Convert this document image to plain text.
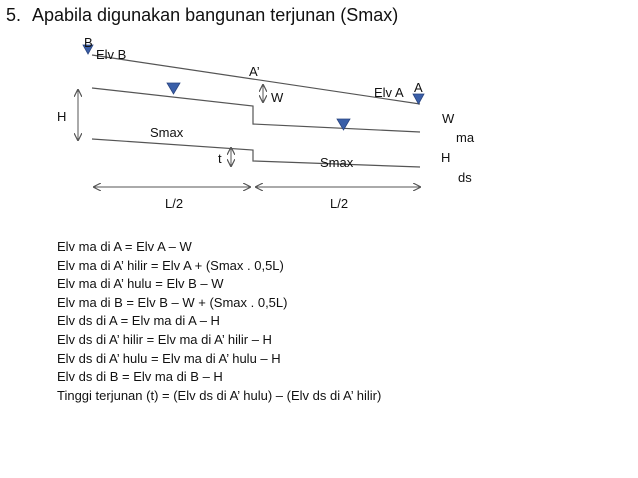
5. Apabila digunakan bangunan terjunan (Smax)
B
Elv B
A’
W	Elv A A
W
H
ma
Smax
t	Smax	H
ds
L/2	L/2
Elv ma di A = Elv A – W
Elv ma di A’ hilir = Elv A + (Smax . 0,5L)
Elv ma di A’ hulu = Elv B – W
Elv ma di B = Elv B – W + (Smax . 0,5L)
Elv ds di A = Elv ma di A – H
Elv ds di A’ hilir = Elv ma di A’ hilir – H
Elv ds di A’ hulu = Elv ma di A’ hulu – H
Elv ds di B = Elv ma di B – H
Tinggi terjunan (t) = (Elv ds di A’ hulu) – (Elv ds di A’ hilir)
